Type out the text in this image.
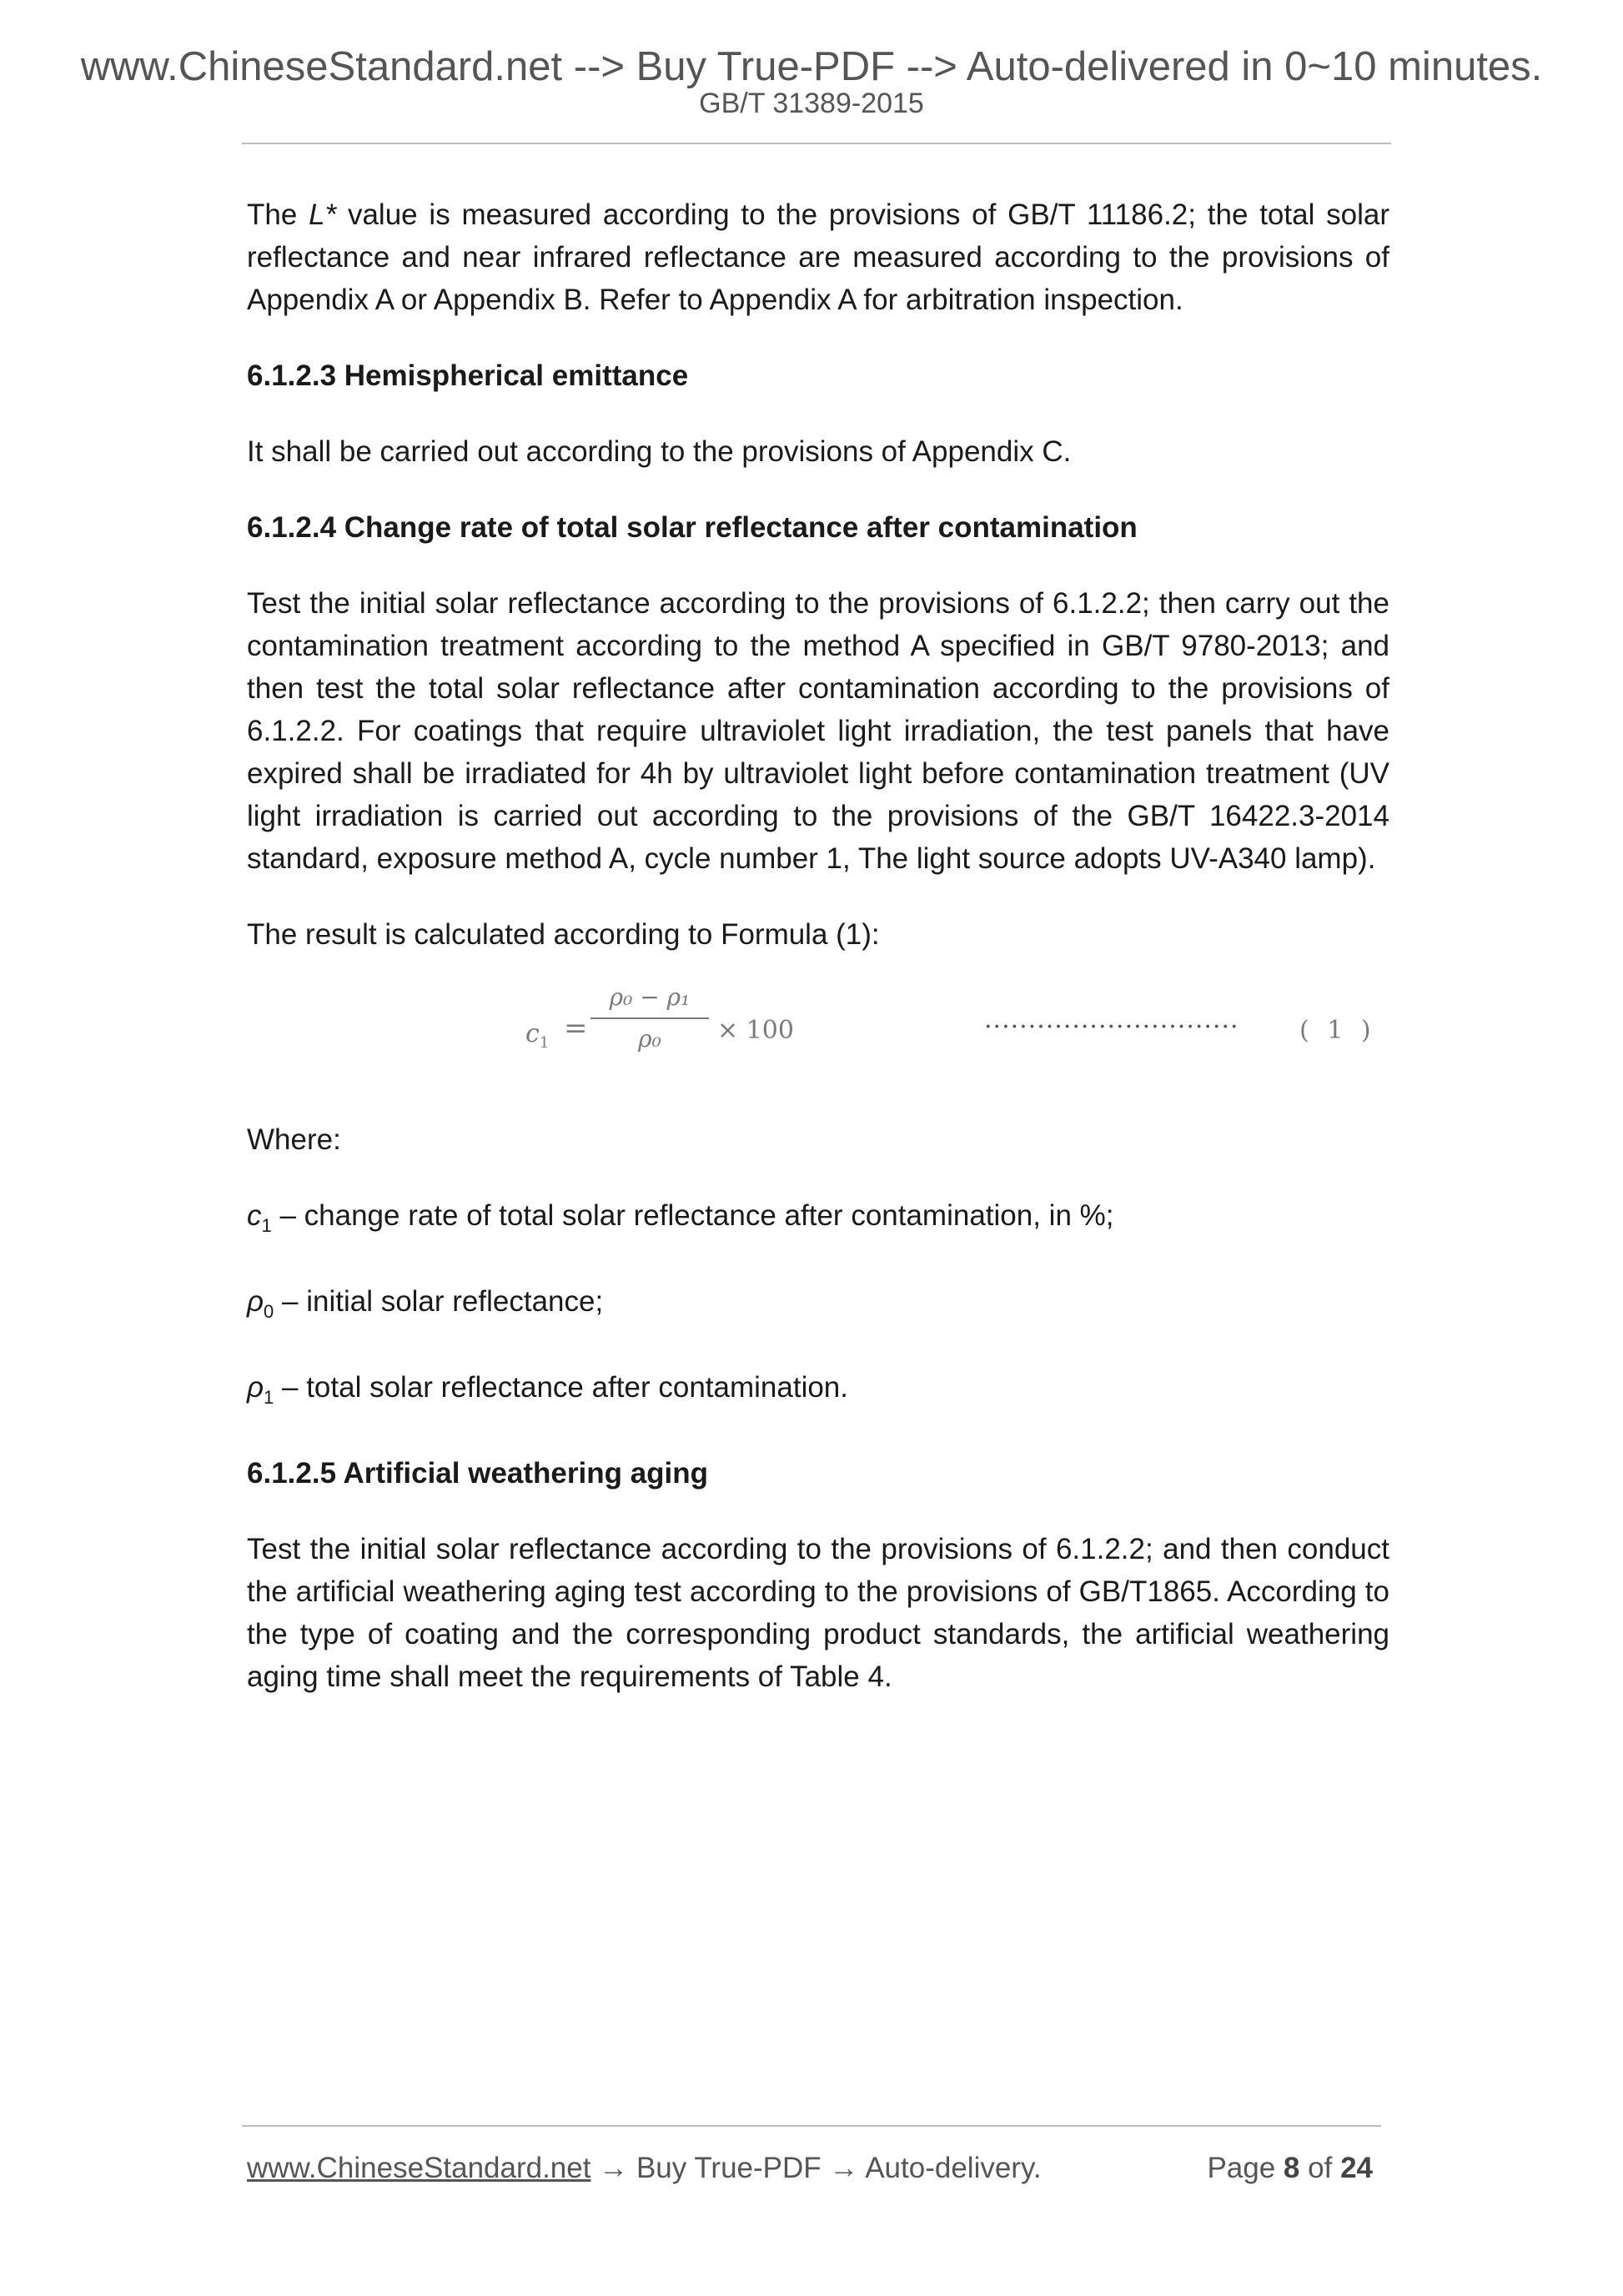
www.ChineseStandard.net --> Buy True-PDF --> Auto-delivered in 0~10 minutes.
GB/T 31389-2015

The L* value is measured according to the provisions of GB/T 11186.2; the total solar reflectance and near infrared reflectance are measured according to the provisions of Appendix A or Appendix B. Refer to Appendix A for arbitration inspection.

6.1.2.3 Hemispherical emittance

It shall be carried out according to the provisions of Appendix C.

6.1.2.4 Change rate of total solar reflectance after contamination

Test the initial solar reflectance according to the provisions of 6.1.2.2; then carry out the contamination treatment according to the method A specified in GB/T 9780-2013; and then test the total solar reflectance after contamination according to the provisions of 6.1.2.2. For coatings that require ultraviolet light irradiation, the test panels that have expired shall be irradiated for 4h by ultraviolet light before contamination treatment (UV light irradiation is carried out according to the provisions of the GB/T 16422.3-2014 standard, exposure method A, cycle number 1, The light source adopts UV-A340 lamp).

The result is calculated according to Formula (1):

$c_1$ =
ρ₀ − ρ₁
ρ₀	× 100	····························· ( 1 )

Where:

$c_1$ – change rate of total solar reflectance after contamination, in %;

$\rho_0$ – initial solar reflectance;

$\rho_1$ – total solar reflectance after contamination.

6.1.2.5 Artificial weathering aging

Test the initial solar reflectance according to the provisions of 6.1.2.2; and then conduct the artificial weathering aging test according to the provisions of GB/T1865. According to the type of coating and the corresponding product standards, the artificial weathering aging time shall meet the requirements of Table 4.

www.ChineseStandard.net → Buy True-PDF → Auto-delivery.	Page 8 of 24
